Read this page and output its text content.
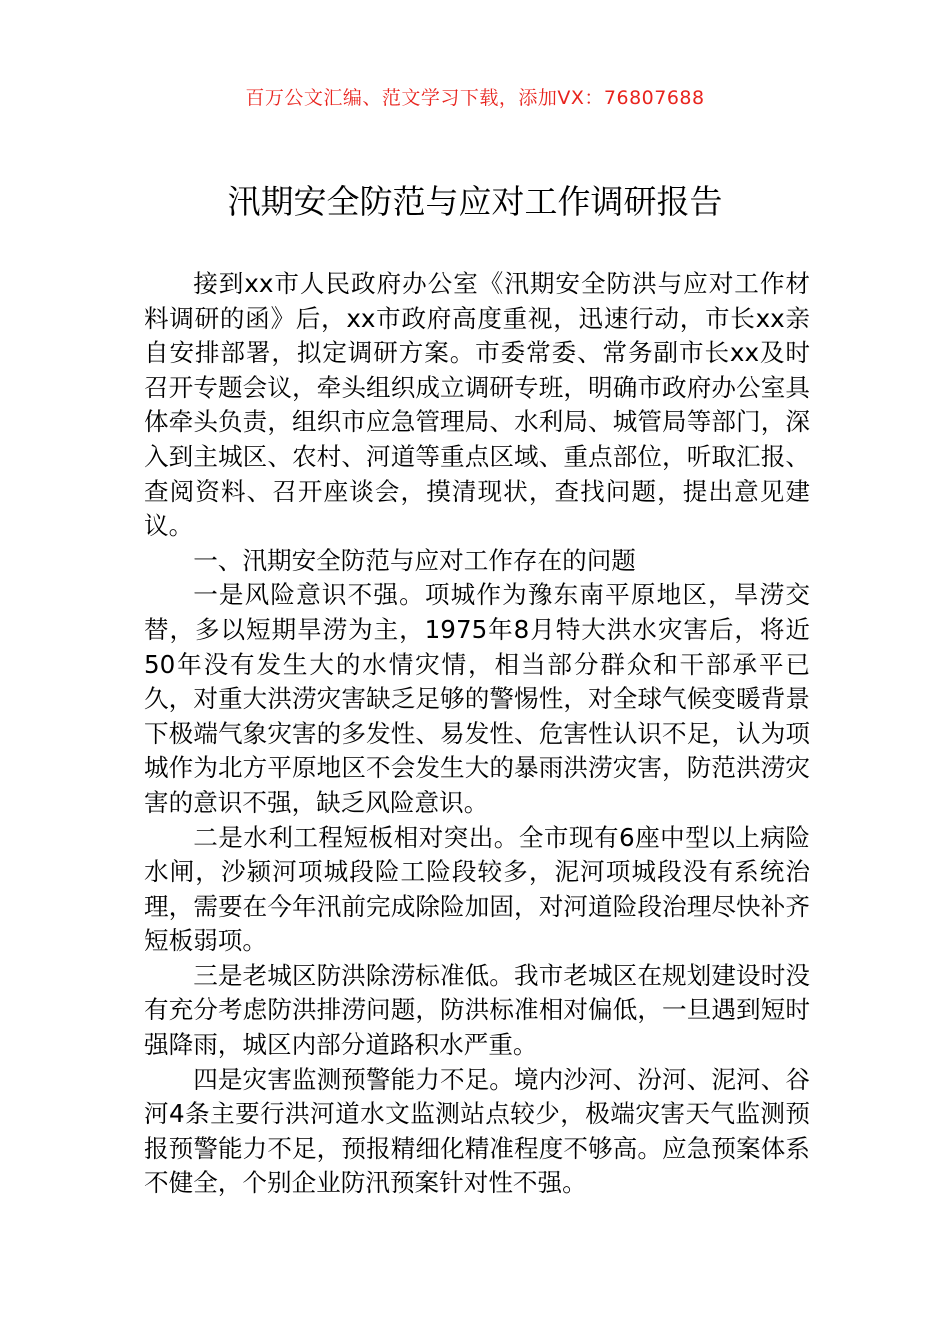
百万公文汇编、范文学习下载，添加VX：76807688
汛期安全防范与应对工作调研报告

接到xx市人民政府办公室《汛期安全防洪与应对工作材料调研的函》后，xx市政府高度重视，迅速行动，市长xx亲自安排部署，拟定调研方案。市委常委、常务副市长xx及时召开专题会议，牵头组织成立调研专班，明确市政府办公室具体牵头负责，组织市应急管理局、水利局、城管局等部门，深入到主城区、农村、河道等重点区域、重点部位，听取汇报、查阅资料、召开座谈会，摸清现状，查找问题，提出意见建议。

一、汛期安全防范与应对工作存在的问题

一是风险意识不强。项城作为豫东南平原地区，旱涝交替，多以短期旱涝为主，1975年8月特大洪水灾害后，将近50年没有发生大的水情灾情，相当部分群众和干部承平已久，对重大洪涝灾害缺乏足够的警惕性，对全球气候变暖背景下极端气象灾害的多发性、易发性、危害性认识不足，认为项城作为北方平原地区不会发生大的暴雨洪涝灾害，防范洪涝灾害的意识不强，缺乏风险意识。

二是水利工程短板相对突出。全市现有6座中型以上病险水闸，沙颍河项城段险工险段较多，泥河项城段没有系统治理，需要在今年汛前完成除险加固，对河道险段治理尽快补齐短板弱项。

三是老城区防洪除涝标准低。我市老城区在规划建设时没有充分考虑防洪排涝问题，防洪标准相对偏低，一旦遇到短时强降雨，城区内部分道路积水严重。

四是灾害监测预警能力不足。境内沙河、汾河、泥河、谷河4条主要行洪河道水文监测站点较少，极端灾害天气监测预报预警能力不足，预报精细化精准程度不够高。应急预案体系不健全，个别企业防汛预案针对性不强。
